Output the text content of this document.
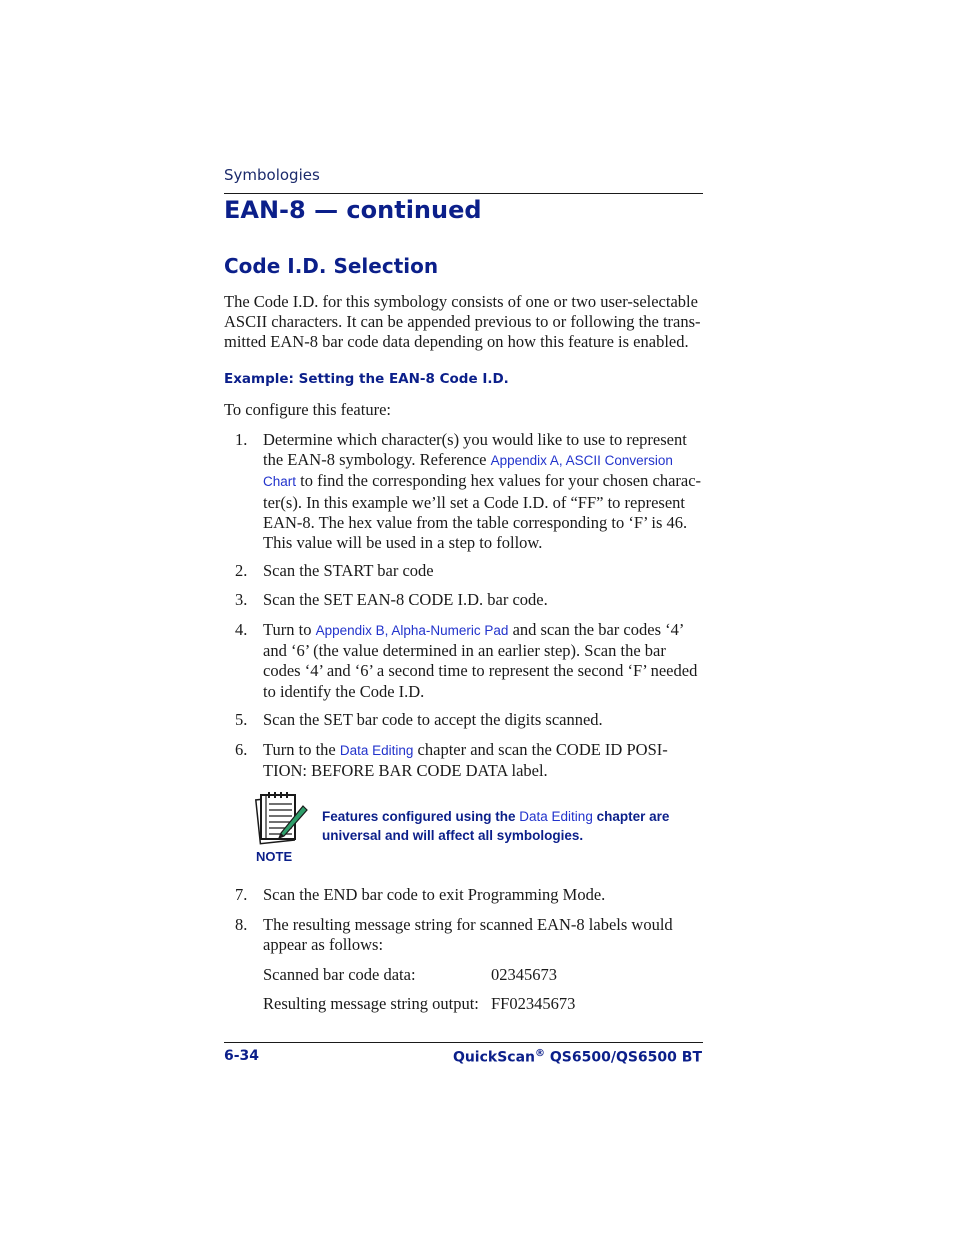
Symbologies
EAN-8 — continued
Code I.D. Selection

The Code I.D. for this symbology consists of one or two user-selectable ASCII characters. It can be appended previous to or following the trans-mitted EAN-8 bar code data depending on how this feature is enabled.

Example: Setting the EAN-8 Code I.D.

To configure this feature:

1. Determine which character(s) you would like to use to represent the EAN-8 symbology. Reference Appendix A, ASCII Conversion Chart to find the corresponding hex values for your chosen charac-ter(s). In this example we’ll set a Code I.D. of “FF” to represent EAN-8. The hex value from the table corresponding to ‘F’ is 46. This value will be used in a step to follow.
2. Scan the START bar code
3. Scan the SET EAN-8 CODE I.D. bar code.
4. Turn to Appendix B, Alpha-Numeric Pad and scan the bar codes ‘4’ and ‘6’ (the value determined in an earlier step). Scan the bar codes ‘4’ and ‘6’ a second time to represent the second ‘F’ needed to identify the Code I.D.
5. Scan the SET bar code to accept the digits scanned.
6. Turn to the Data Editing chapter and scan the CODE ID POSI-TION: BEFORE BAR CODE DATA label.
NOTE

Features configured using the Data Editing chapter are universal and will affect all symbologies.

7. Scan the END bar code to exit Programming Mode.
8. The resulting message string for scanned EAN-8 labels would appear as follows:
Scanned bar code data:	02345673
Resulting message string output: FF02345673
6-34	QuickScan® QS6500/QS6500 BT
